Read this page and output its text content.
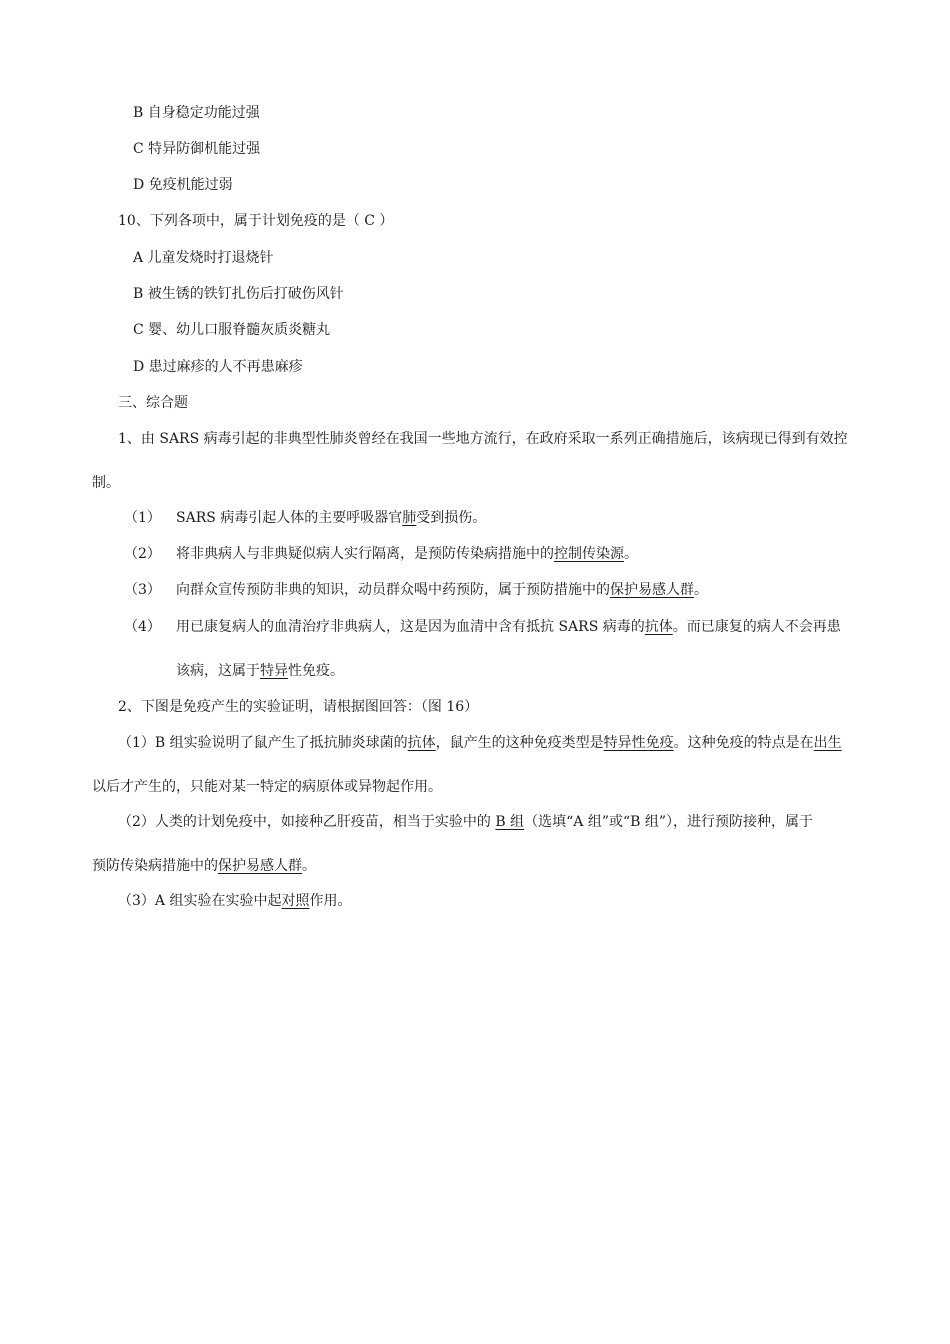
B 自身稳定功能过强
C 特异防御机能过强
D 免疫机能过弱
10、下列各项中，属于计划免疫的是（ C ）
A 儿童发烧时打退烧针
B 被生锈的铁钉扎伤后打破伤风针
C 婴、幼儿口服脊髓灰质炎糖丸
D 患过麻疹的人不再患麻疹
三、综合题
1、由 SARS 病毒引起的非典型性肺炎曾经在我国一些地方流行，在政府采取一系列正确措施后，该病现已得到有效控
制。
（1） SARS 病毒引起人体的主要呼吸器官肺受到损伤。
（2） 将非典病人与非典疑似病人实行隔离，是预防传染病措施中的控制传染源。
（3） 向群众宣传预防非典的知识，动员群众喝中药预防，属于预防措施中的保护易感人群。
（4） 用已康复病人的血清治疗非典病人，这是因为血清中含有抵抗 SARS 病毒的抗体。而已康复的病人不会再患
该病，这属于特异性免疫。
2、下图是免疫产生的实验证明，请根据图回答：（图 16）
（1）B 组实验说明了鼠产生了抵抗肺炎球菌的抗体，鼠产生的这种免疫类型是特异性免疫。这种免疫的特点是在出生
以后才产生的，只能对某一特定的病原体或异物起作用。
（2）人类的计划免疫中，如接种乙肝疫苗，相当于实验中的 B 组（选填“A 组”或“B 组”），进行预防接种，属于
预防传染病措施中的保护易感人群。
（3）A 组实验在实验中起对照作用。
